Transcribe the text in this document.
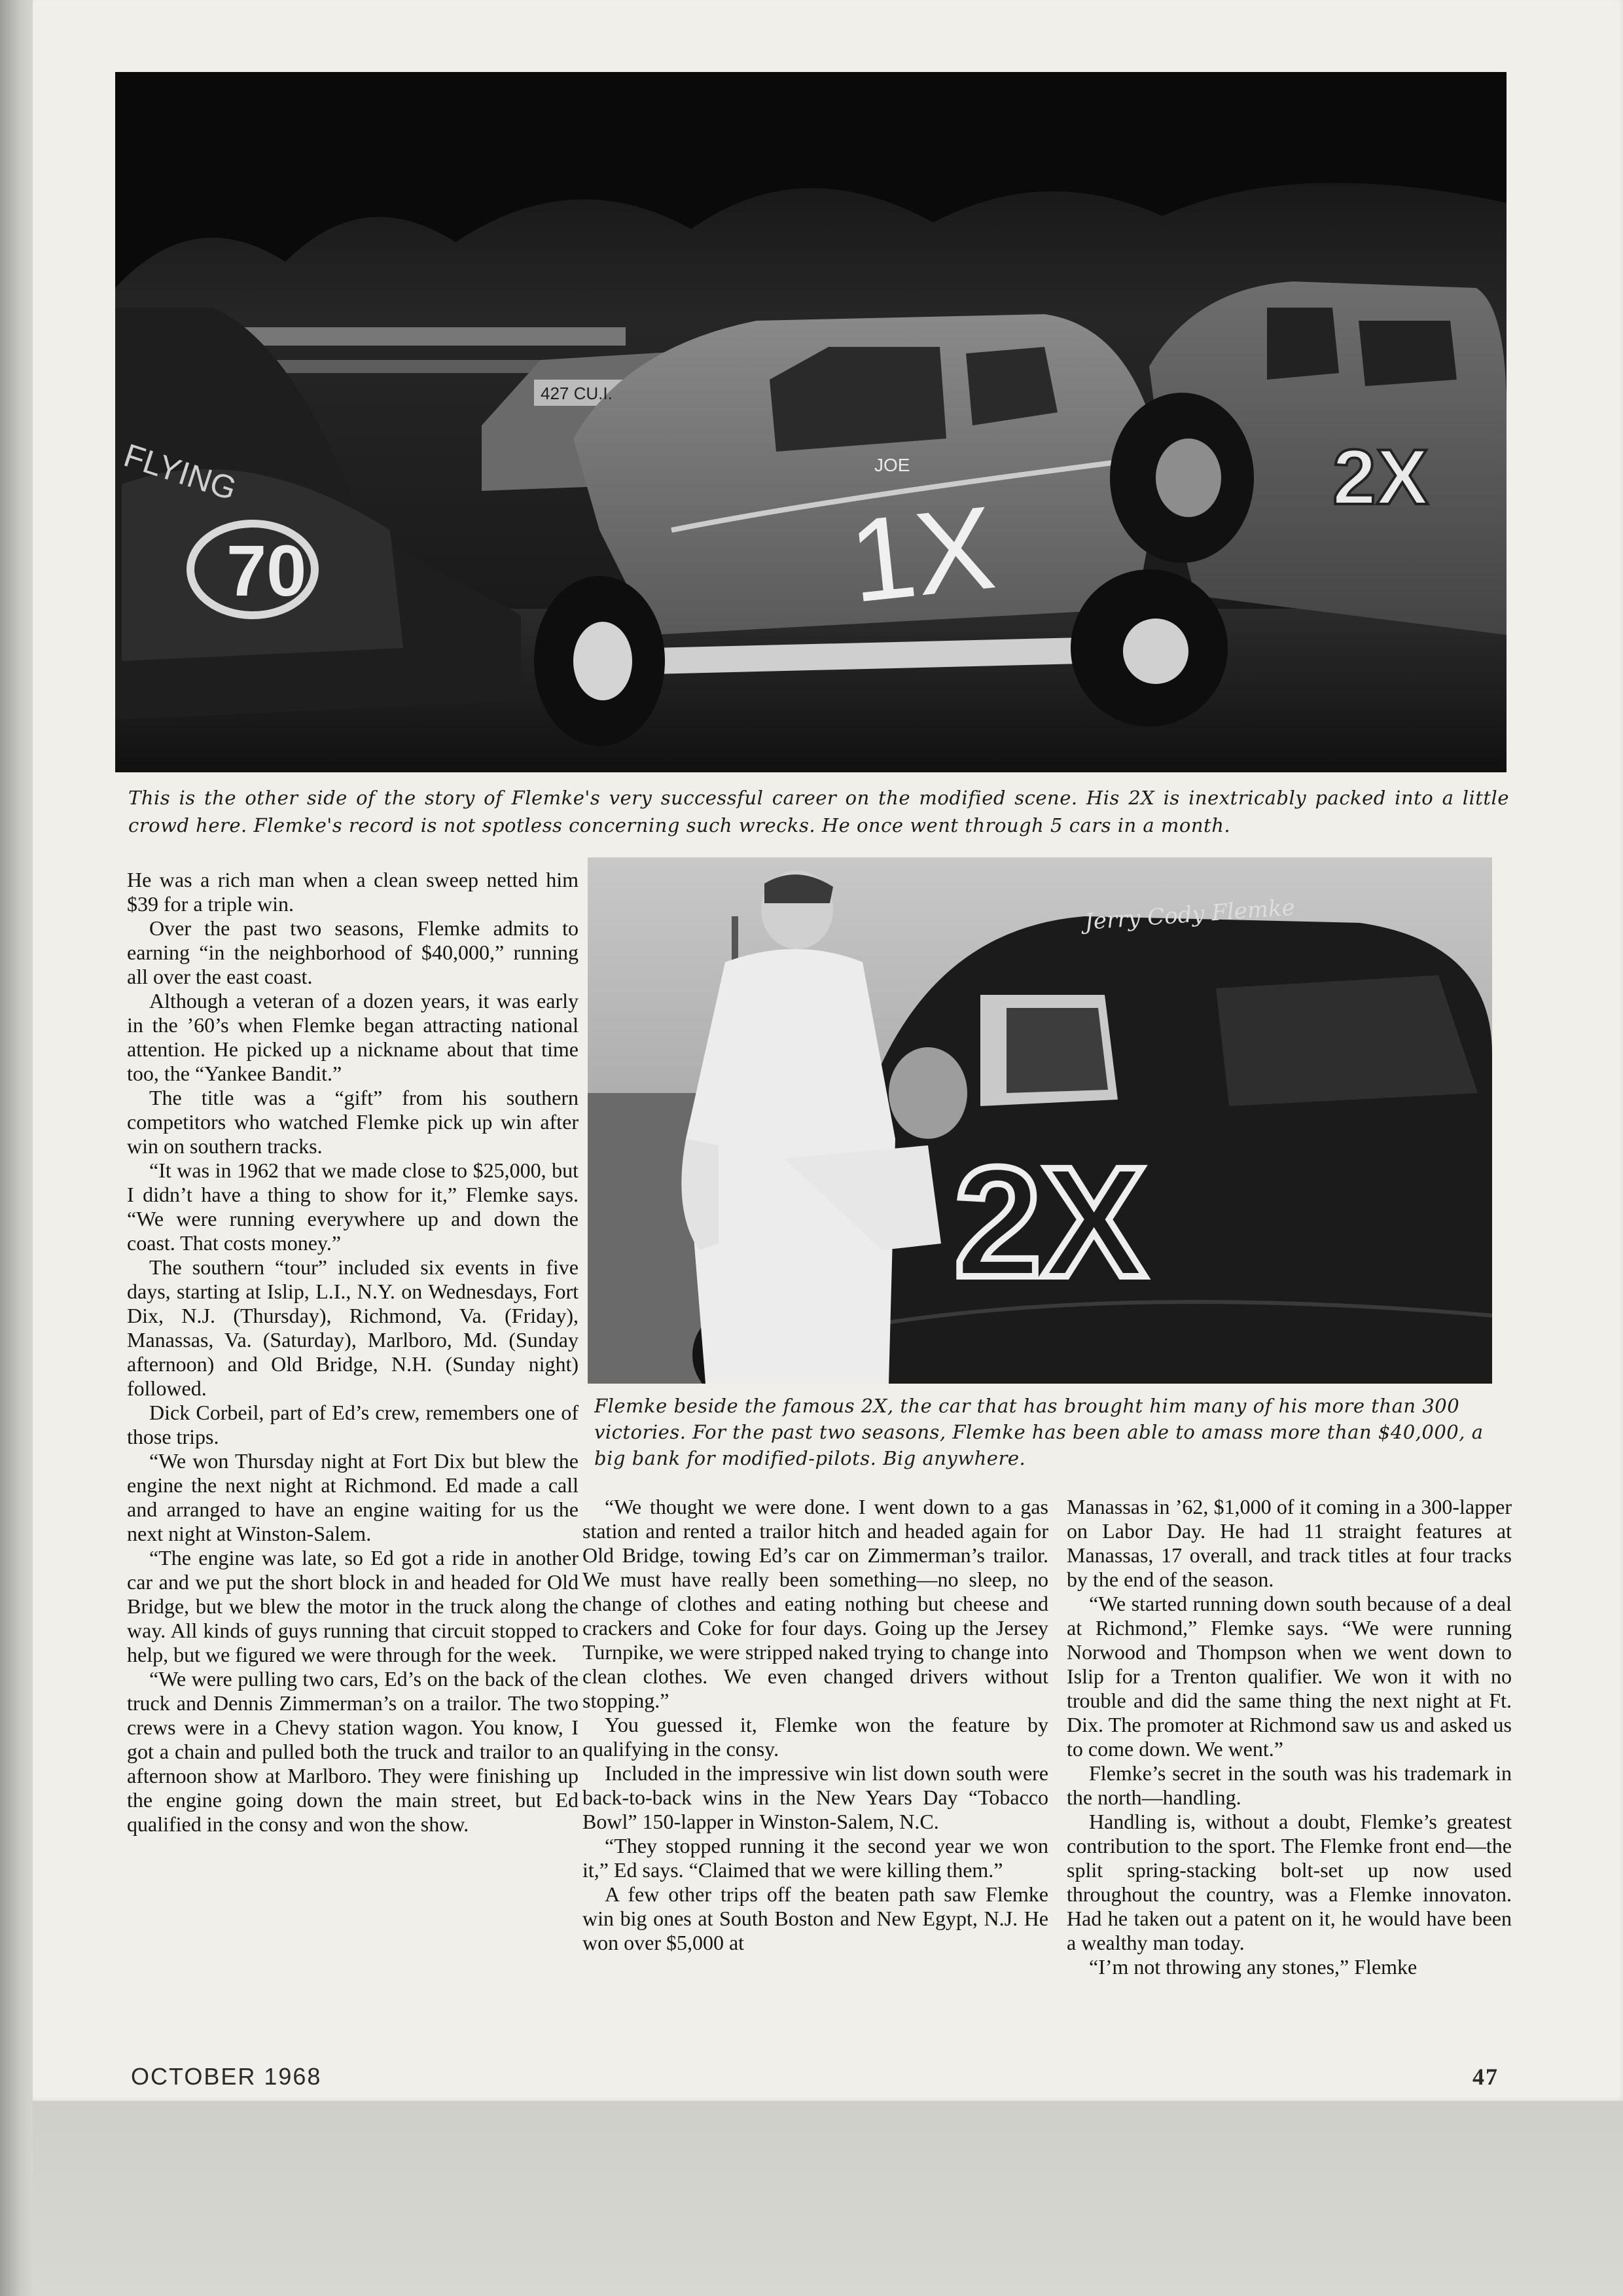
1X
70
2X
FLYING	JOE
427 CU.I.
This is the other side of the story of Flemke's very successful career on the modified scene. His 2X is inextricably packed into a little crowd here. Flemke's record is not spotless concerning such wrecks. He once went through 5 cars in a month.
2X
Jerry Cody Flemke
Flemke beside the famous 2X, the car that has brought him many of his more than 300 victories. For the past two seasons, Flemke has been able to amass more than $40,000, a big bank for modified-pilots. Big anywhere.

He was a rich man when a clean sweep netted him $39 for a triple win.

Over the past two seasons, Flemke admits to earning “in the neighborhood of $40,000,” running all over the east coast.

Although a veteran of a dozen years, it was early in the ’60’s when Flemke began attracting national attention. He picked up a nickname about that time too, the “Yankee Bandit.”

The title was a “gift” from his southern competitors who watched Flemke pick up win after win on southern tracks.

“It was in 1962 that we made close to $25,000, but I didn’t have a thing to show for it,” Flemke says. “We were running everywhere up and down the coast. That costs money.”

The southern “tour” included six events in five days, starting at Islip, L.I., N.Y. on Wednesdays, Fort Dix, N.J. (Thursday), Richmond, Va. (Friday), Manassas, Va. (Saturday), Marlboro, Md. (Sunday afternoon) and Old Bridge, N.H. (Sunday night) followed.

Dick Corbeil, part of Ed’s crew, remembers one of those trips.

“We won Thursday night at Fort Dix but blew the engine the next night at Richmond. Ed made a call and arranged to have an engine waiting for us the next night at Winston-Salem.

“The engine was late, so Ed got a ride in another car and we put the short block in and headed for Old Bridge, but we blew the motor in the truck along the way. All kinds of guys running that circuit stopped to help, but we figured we were through for the week.

“We were pulling two cars, Ed’s on the back of the truck and Dennis Zimmerman’s on a trailor. The two crews were in a Chevy station wagon. You know, I got a chain and pulled both the truck and trailor to an afternoon show at Marlboro. They were finishing up the engine going down the main street, but Ed qualified in the consy and won the show.

“We thought we were done. I went down to a gas station and rented a trailor hitch and headed again for Old Bridge, towing Ed’s car on Zimmerman’s trailor. We must have really been something—no sleep, no change of clothes and eating nothing but cheese and crackers and Coke for four days. Going up the Jersey Turnpike, we were stripped naked trying to change into clean clothes. We even changed drivers without stopping.”

You guessed it, Flemke won the feature by qualifying in the consy.

Included in the impressive win list down south were back-to-back wins in the New Years Day “Tobacco Bowl” 150-lapper in Winston-Salem, N.C.

“They stopped running it the second year we won it,” Ed says. “Claimed that we were killing them.”

A few other trips off the beaten path saw Flemke win big ones at South Boston and New Egypt, N.J. He won over $5,000 at

Manassas in ’62, $1,000 of it coming in a 300-lapper on Labor Day. He had 11 straight features at Manassas, 17 overall, and track titles at four tracks by the end of the season.

“We started running down south because of a deal at Richmond,” Flemke says. “We were running Norwood and Thompson when we went down to Islip for a Trenton qualifier. We won it with no trouble and did the same thing the next night at Ft. Dix. The promoter at Richmond saw us and asked us to come down. We went.”

Flemke’s secret in the south was his trademark in the north—handling.

Handling is, without a doubt, Flemke’s greatest contribution to the sport. The Flemke front end—the split spring-stacking bolt-set up now used throughout the country, was a Flemke innovaton. Had he taken out a patent on it, he would have been a wealthy man today.

“I’m not throwing any stones,” Flemke

OCTOBER 1968	47
